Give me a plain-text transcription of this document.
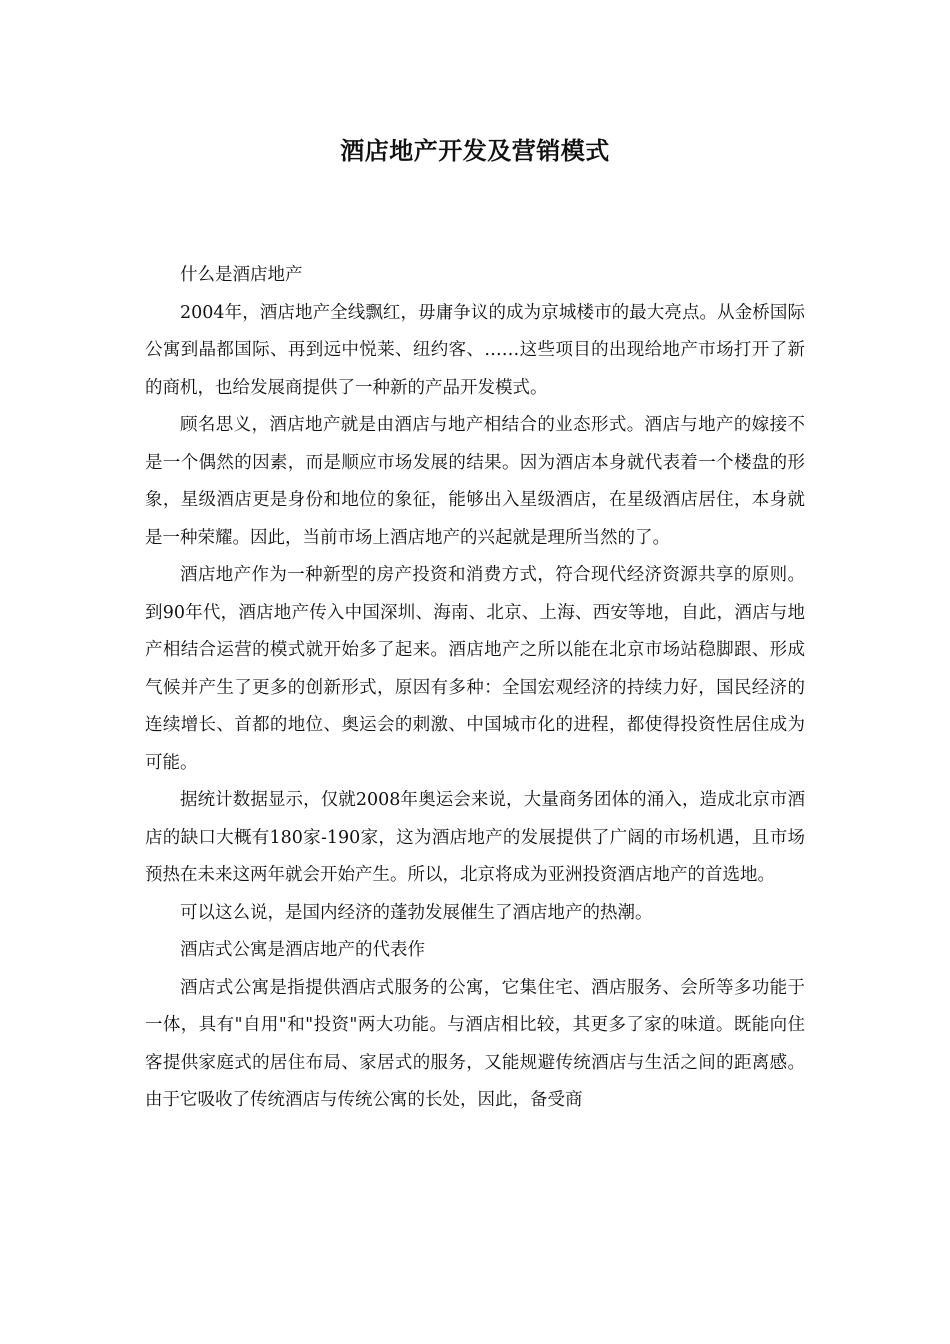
酒店地产开发及营销模式

什么是酒店地产

2004年，酒店地产全线飘红，毋庸争议的成为京城楼市的最大亮点。从金桥国际公寓到晶都国际、再到远中悦莱、纽约客、……这些项目的出现给地产市场打开了新的商机，也给发展商提供了一种新的产品开发模式。

顾名思义，酒店地产就是由酒店与地产相结合的业态形式。酒店与地产的嫁接不是一个偶然的因素，而是顺应市场发展的结果。因为酒店本身就代表着一个楼盘的形象，星级酒店更是身份和地位的象征，能够出入星级酒店，在星级酒店居住，本身就是一种荣耀。因此，当前市场上酒店地产的兴起就是理所当然的了。

酒店地产作为一种新型的房产投资和消费方式，符合现代经济资源共享的原则。到90年代，酒店地产传入中国深圳、海南、北京、上海、西安等地，自此，酒店与地产相结合运营的模式就开始多了起来。酒店地产之所以能在北京市场站稳脚跟、形成气候并产生了更多的创新形式，原因有多种：全国宏观经济的持续力好，国民经济的连续增长、首都的地位、奥运会的刺激、中国城市化的进程，都使得投资性居住成为可能。

据统计数据显示，仅就2008年奥运会来说，大量商务团体的涌入，造成北京市酒店的缺口大概有180家-190家，这为酒店地产的发展提供了广阔的市场机遇，且市场预热在未来这两年就会开始产生。所以，北京将成为亚洲投资酒店地产的首选地。

可以这么说，是国内经济的蓬勃发展催生了酒店地产的热潮。

酒店式公寓是酒店地产的代表作

酒店式公寓是指提供酒店式服务的公寓，它集住宅、酒店服务、会所等多功能于一体，具有"自用"和"投资"两大功能。与酒店相比较，其更多了家的味道。既能向住客提供家庭式的居住布局、家居式的服务，又能规避传统酒店与生活之间的距离感。由于它吸收了传统酒店与传统公寓的长处，因此，备受商
